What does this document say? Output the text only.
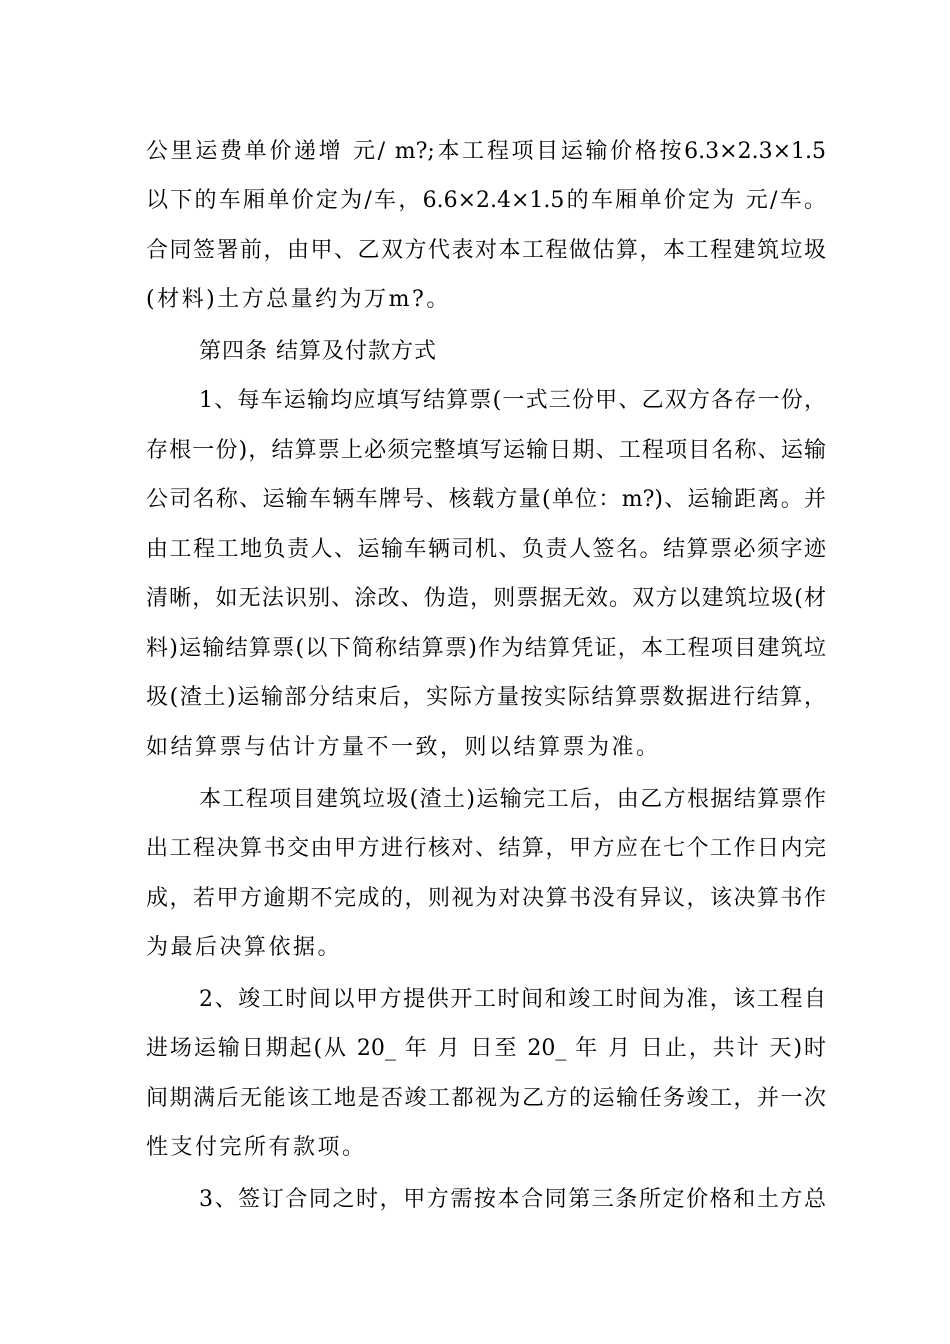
公里运费单价递增 元/ m?;本工程项目运输价格按6.3×2.3×1.5
以下的车厢单价定为/车，6.6×2.4×1.5的车厢单价定为 元/车。
合同签署前，由甲、乙双方代表对本工程做估算，本工程建筑垃圾
(材料)土方总量约为万m?。
第四条 结算及付款方式
1、每车运输均应填写结算票(一式三份甲、乙双方各存一份，
存根一份)，结算票上必须完整填写运输日期、工程项目名称、运输
公司名称、运输车辆车牌号、核载方量(单位：m?)、运输距离。并
由工程工地负责人、运输车辆司机、负责人签名。结算票必须字迹
清晰，如无法识别、涂改、伪造，则票据无效。双方以建筑垃圾(材
料)运输结算票(以下简称结算票)作为结算凭证，本工程项目建筑垃
圾(渣土)运输部分结束后，实际方量按实际结算票数据进行结算，
如结算票与估计方量不一致，则以结算票为准。
本工程项目建筑垃圾(渣土)运输完工后，由乙方根据结算票作
出工程决算书交由甲方进行核对、结算，甲方应在七个工作日内完
成，若甲方逾期不完成的，则视为对决算书没有异议，该决算书作
为最后决算依据。
2、竣工时间以甲方提供开工时间和竣工时间为准，该工程自
进场运输日期起(从 20_ 年 月 日至 20_ 年 月 日止，共计 天)时
间期满后无能该工地是否竣工都视为乙方的运输任务竣工，并一次
性支付完所有款项。
3、签订合同之时，甲方需按本合同第三条所定价格和土方总
